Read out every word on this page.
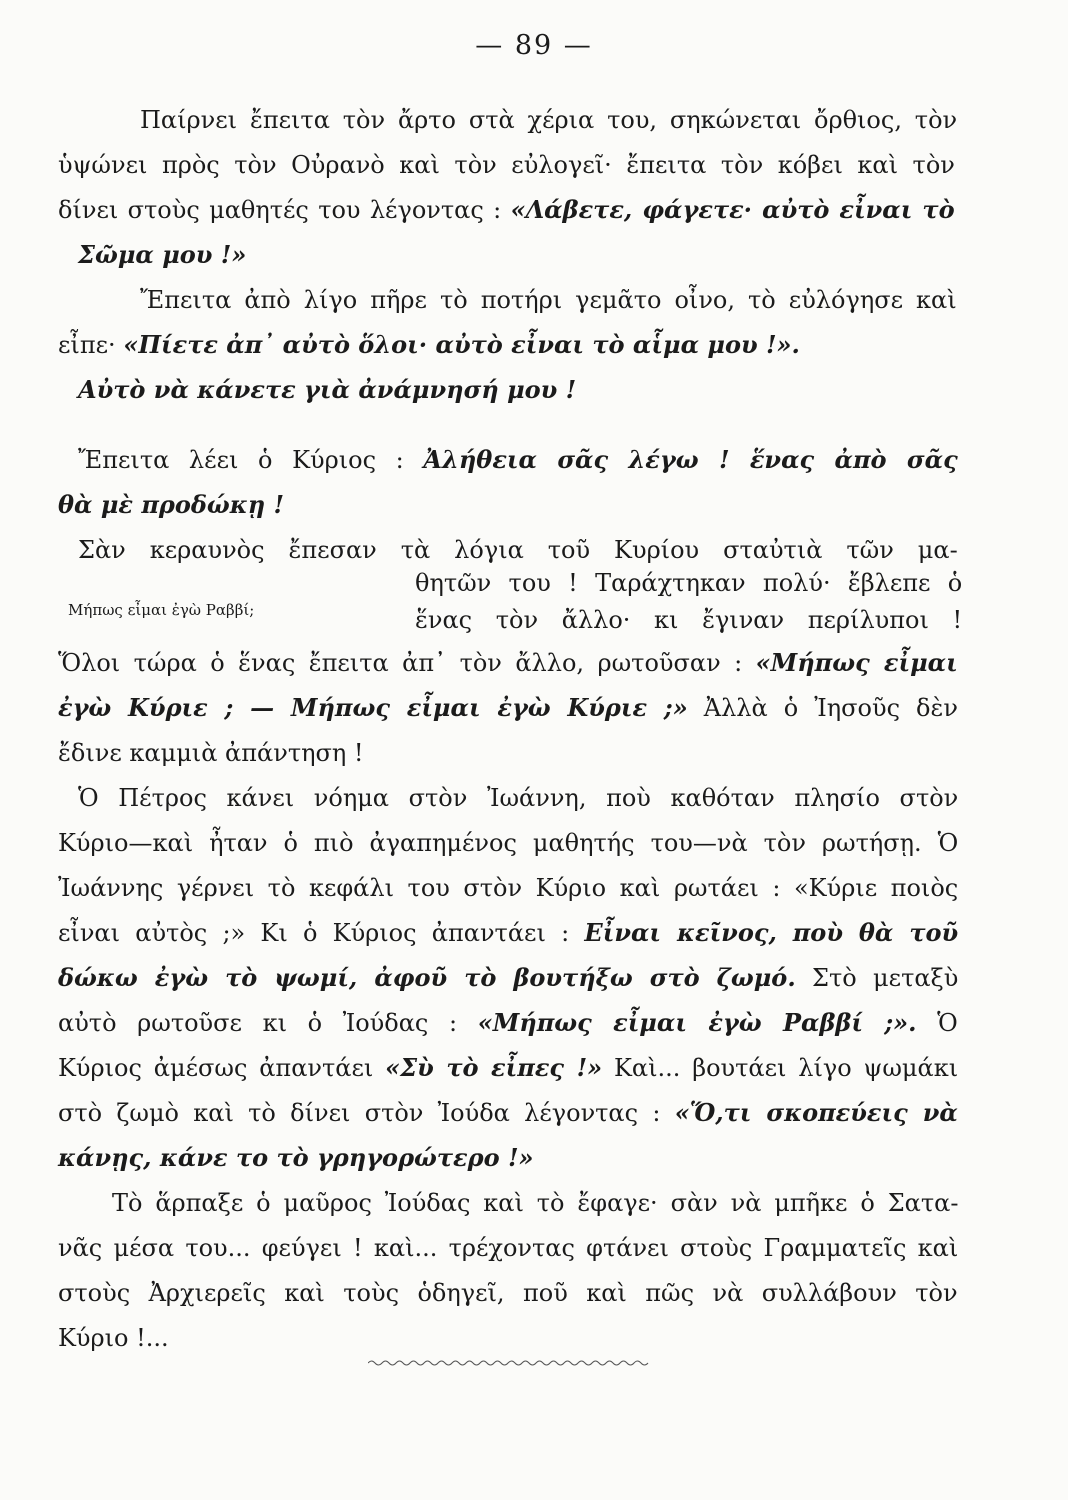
— 89 —
Μήπως εἶμαι ἐγὼ Ραββί;
Παίρνει ἔπειτα τὸν ἄρτο στὰ χέρια του, σηκώνεται ὄρθιος, τὸν
ὑψώνει πρὸς τὸν Οὐρανὸ καὶ τὸν εὐλογεῖ· ἔπειτα τὸν κόβει καὶ τὸν
δίνει στοὺς μαθητές του λέγοντας : «Λάβετε, φάγετε· αὐτὸ εἶναι τὸ
Σῶμα μου !»
Ἔπειτα ἀπὸ λίγο πῆρε τὸ ποτήρι γεμᾶτο οἶνο, τὸ εὐλόγησε καὶ
εἶπε· «Πίετε ἀπ᾽ αὐτὸ ὅλοι· αὐτὸ εἶναι τὸ αἷμα μου !».
Αὐτὸ νὰ κάνετε γιὰ ἀνάμνησή μου !
Ἔπειτα λέει ὁ Κύριος : Ἀλήθεια σᾶς λέγω ! ἕνας ἀπὸ σᾶς
θὰ μὲ προδώκῃ !
Σὰν κεραυνὸς ἔπεσαν τὰ λόγια τοῦ Κυρίου σταὐτιὰ τῶν μα-
θητῶν του ! Ταράχτηκαν πολύ· ἔβλεπε ὁ
ἕνας τὸν ἄλλο· κι ἔγιναν περίλυποι !
Ὅλοι τώρα ὁ ἕνας ἔπειτα ἀπ᾽ τὸν ἄλλο, ρωτοῦσαν : «Μήπως εἶμαι
ἐγὼ Κύριε ; — Μήπως εἶμαι ἐγὼ Κύριε ;» Ἀλλὰ ὁ Ἰησοῦς δὲν
ἔδινε καμμιὰ ἀπάντηση !
Ὁ Πέτρος κάνει νόημα στὸν Ἰωάννη, ποὺ καθόταν πλησίο στὸν
Κύριο—καὶ ἦταν ὁ πιὸ ἀγαπημένος μαθητής του—νὰ τὸν ρωτήσῃ. Ὁ
Ἰωάννης γέρνει τὸ κεφάλι του στὸν Κύριο καὶ ρωτάει : «Κύριε ποιὸς
εἶναι αὐτὸς ;» Κι ὁ Κύριος ἀπαντάει : Εἶναι κεῖνος, ποὺ θὰ τοῦ
δώκω ἐγὼ τὸ ψωμί, ἀφοῦ τὸ βουτήξω στὸ ζωμό. Στὸ μεταξὺ
αὐτὸ ρωτοῦσε κι ὁ Ἰούδας : «Μήπως εἶμαι ἐγὼ Ραββί ;». Ὁ
Κύριος ἀμέσως ἀπαντάει «Σὺ τὸ εἶπες !» Καὶ... βουτάει λίγο ψωμάκι
στὸ ζωμὸ καὶ τὸ δίνει στὸν Ἰούδα λέγοντας : «Ὅ,τι σκοπεύεις νὰ
κάνῃς, κάνε το τὸ γρηγορώτερο !»
Τὸ ἅρπαξε ὁ μαῦρος Ἰούδας καὶ τὸ ἔφαγε· σὰν νὰ μπῆκε ὁ Σατα-
νᾶς μέσα του... φεύγει ! καὶ... τρέχοντας φτάνει στοὺς Γραμματεῖς καὶ
στοὺς Ἀρχιερεῖς καὶ τοὺς ὁδηγεῖ, ποῦ καὶ πῶς νὰ συλλάβουν τὸν
Κύριο !...
